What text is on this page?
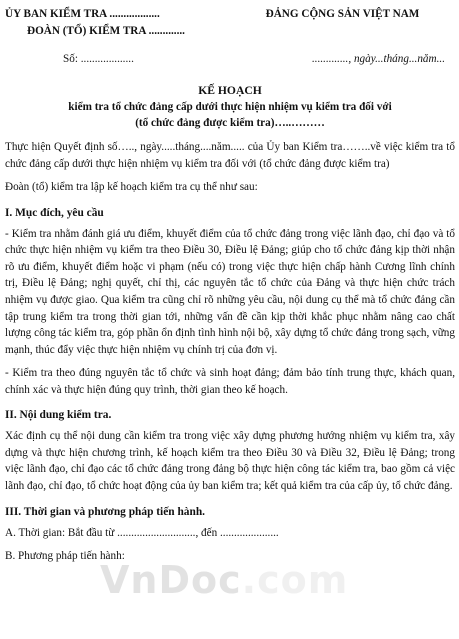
ỦY BAN KIỂM TRA ..................
ĐOÀN (TỔ) KIỂM TRA .............
ĐẢNG CỘNG SẢN VIỆT NAM
Số: ...................	............., ngày...tháng...năm...
KẾ HOẠCH
kiểm tra tổ chức đảng cấp dưới thực hiện nhiệm vụ kiểm tra đối với
(tổ chức đảng được kiểm tra)…..………

Thực hiện Quyết định số….., ngày.....tháng....năm..... của Ủy ban Kiểm tra……..về việc kiểm tra tổ chức đảng cấp dưới thực hiện nhiệm vụ kiểm tra đối với (tổ chức đảng được kiểm tra)

Đoàn (tổ) kiểm tra lập kế hoạch kiểm tra cụ thể như sau:

I. Mục đích, yêu cầu

- Kiểm tra nhằm đánh giá ưu điểm, khuyết điểm của tổ chức đảng trong việc lãnh đạo, chỉ đạo và tổ chức thực hiện nhiệm vụ kiểm tra theo Điều 30, Điều lệ Đảng; giúp cho tổ chức đảng kịp thời nhận rõ ưu điểm, khuyết điểm hoặc vi phạm (nếu có) trong việc thực hiện chấp hành Cương lĩnh chính trị, Điều lệ Đảng; nghị quyết, chỉ thị, các nguyên tắc tổ chức của Đảng và thực hiện chức trách nhiệm vụ được giao. Qua kiểm tra cũng chỉ rõ những yêu cầu, nội dung cụ thể mà tổ chức đảng cần tập trung kiểm tra trong thời gian tới, những vấn đề cần kịp thời khắc phục nhằm nâng cao chất lượng công tác kiểm tra, góp phần ổn định tình hình nội bộ, xây dựng tổ chức đảng trong sạch, vững mạnh, thúc đẩy việc thực hiện nhiệm vụ chính trị của đơn vị.

- Kiểm tra theo đúng nguyên tắc tổ chức và sinh hoạt đảng; đảm bảo tính trung thực, khách quan, chính xác và thực hiện đúng quy trình, thời gian theo kế hoạch.

II. Nội dung kiểm tra.

Xác định cụ thể nội dung cần kiểm tra trong việc xây dựng phương hướng nhiệm vụ kiểm tra, xây dựng và thực hiện chương trình, kế hoạch kiểm tra theo Điều 30 và Điều 32, Điều lệ Đảng; trong việc lãnh đạo, chỉ đạo các tổ chức đảng trong đảng bộ thực hiện công tác kiểm tra, bao gồm cả việc lãnh đạo, chỉ đạo, tổ chức hoạt động của ủy ban kiểm tra; kết quả kiểm tra của cấp ủy, tổ chức đảng.

III. Thời gian và phương pháp tiến hành.

A. Thời gian: Bắt đầu từ ............................, đến .....................

B. Phương pháp tiến hành:

VnDoc.com
